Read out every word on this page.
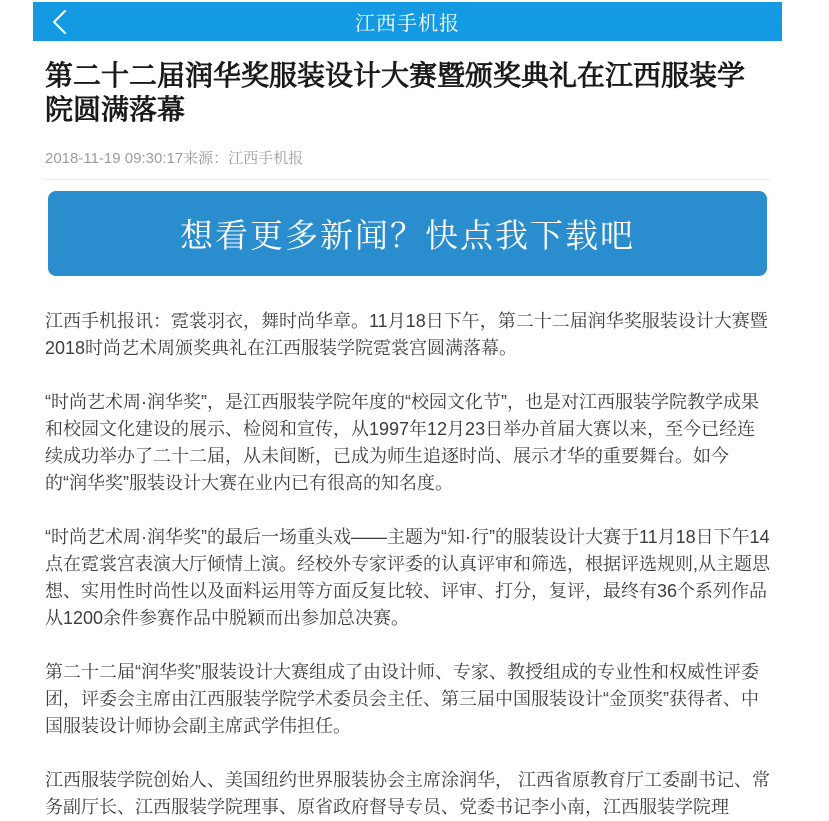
江西手机报
第二十二届润华奖服装设计大赛暨颁奖典礼在江西服装学院圆满落幕
2018-11-19 09:30:17来源：江西手机报
想看更多新闻？快点我下载吧

江西手机报讯：霓裳羽衣，舞时尚华章。11月18日下午，第二十二届润华奖服装设计大赛暨2018时尚艺术周颁奖典礼在江西服装学院霓裳宫圆满落幕。

“时尚艺术周·润华奖”，是江西服装学院年度的“校园文化节”，也是对江西服装学院教学成果和校园文化建设的展示、检阅和宣传，从1997年12月23日举办首届大赛以来，至今已经连续成功举办了二十二届，从未间断，已成为师生追逐时尚、展示才华的重要舞台。如今的“润华奖”服装设计大赛在业内已有很高的知名度。

“时尚艺术周·润华奖”的最后一场重头戏——主题为“知·行”的服装设计大赛于11月18日下午14点在霓裳宫表演大厅倾情上演。经校外专家评委的认真评审和筛选，根据评选规则,从主题思想、实用性时尚性以及面料运用等方面反复比较、评审、打分，复评，最终有36个系列作品从1200余件参赛作品中脱颖而出参加总决赛。

第二十二届“润华奖”服装设计大赛组成了由设计师、专家、教授组成的专业性和权威性评委团，评委会主席由江西服装学院学术委员会主任、第三届中国服装设计“金顶奖”获得者、中国服装设计师协会副主席武学伟担任。

江西服装学院创始人、美国纽约世界服装协会主席涂润华， 江西省原教育厅工委副书记、常务副厅长、江西服装学院理事、原省政府督导专员、党委书记李小南，江西服装学院理
